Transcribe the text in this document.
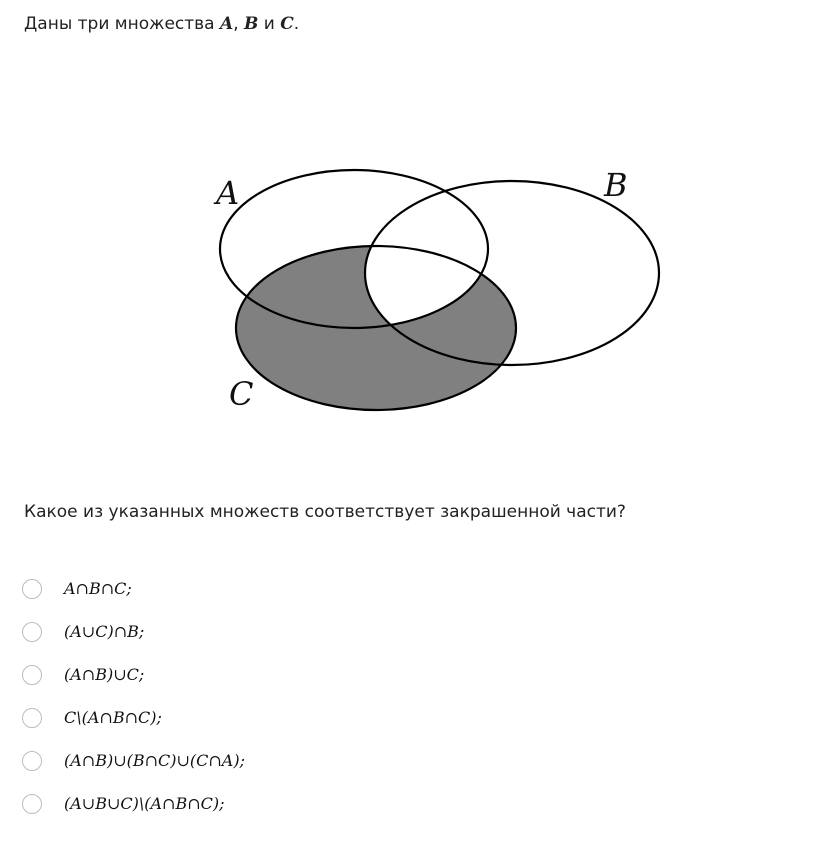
Даны три множества A, B и C.
A	B
C
Какое из указанных множеств соответствует закрашенной части?
A∩B∩C;
(A∪C)∩B;
(A∩B)∪C;
C\(A∩B∩C);
(A∩B)∪(B∩C)∪(C∩A);
(A∪B∪C)\(A∩B∩C);
